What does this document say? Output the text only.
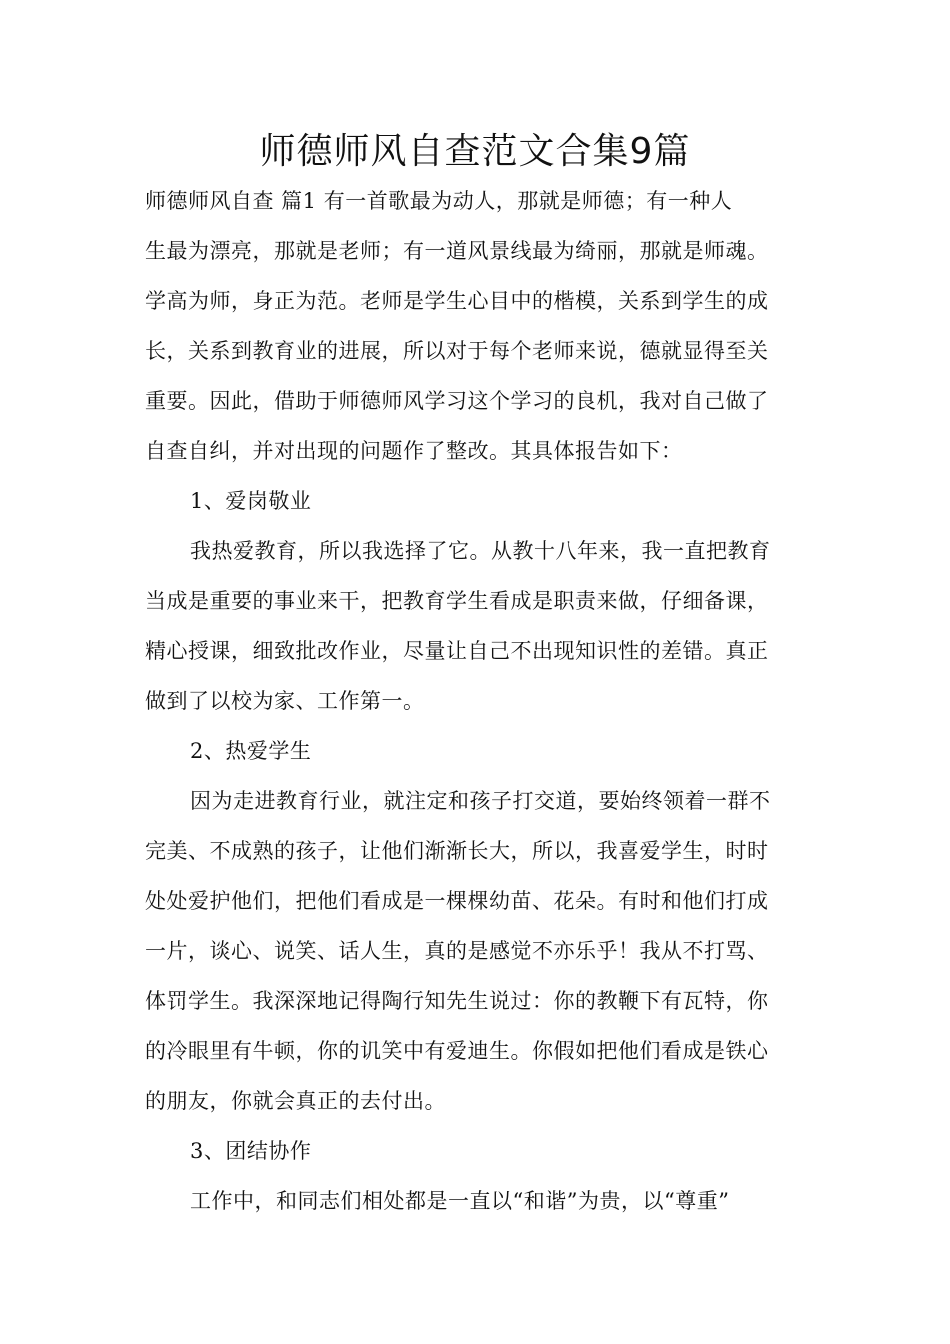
师德师风自查范文合集9篇
师德师风自查 篇1 有一首歌最为动人，那就是师德；有一种人
生最为漂亮，那就是老师；有一道风景线最为绮丽，那就是师魂。
学高为师，身正为范。老师是学生心目中的楷模，关系到学生的成
长，关系到教育业的进展，所以对于每个老师来说，德就显得至关
重要。因此，借助于师德师风学习这个学习的良机，我对自己做了
自查自纠，并对出现的问题作了整改。其具体报告如下：
1、爱岗敬业
我热爱教育，所以我选择了它。从教十八年来，我一直把教育
当成是重要的事业来干，把教育学生看成是职责来做，仔细备课，
精心授课，细致批改作业，尽量让自己不出现知识性的差错。真正
做到了以校为家、工作第一。
2、热爱学生
因为走进教育行业，就注定和孩子打交道，要始终领着一群不
完美、不成熟的孩子，让他们渐渐长大，所以，我喜爱学生，时时
处处爱护他们，把他们看成是一棵棵幼苗、花朵。有时和他们打成
一片，谈心、说笑、话人生，真的是感觉不亦乐乎！我从不打骂、
体罚学生。我深深地记得陶行知先生说过：你的教鞭下有瓦特，你
的冷眼里有牛顿，你的讥笑中有爱迪生。你假如把他们看成是铁心
的朋友，你就会真正的去付出。
3、团结协作
工作中，和同志们相处都是一直以“和谐”为贵，以“尊重”
